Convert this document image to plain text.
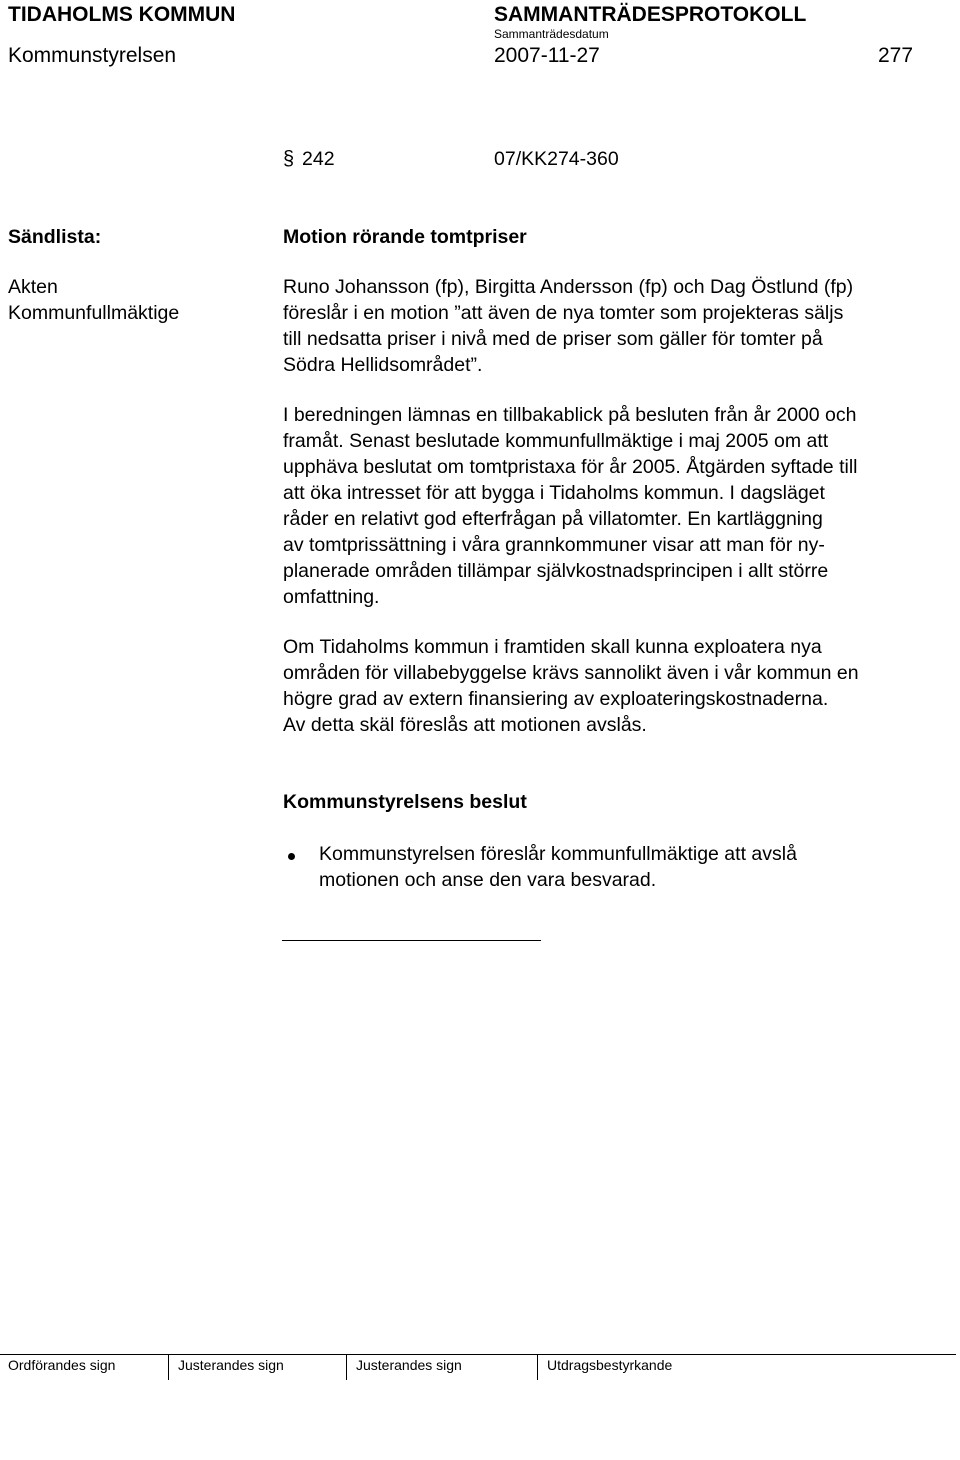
TIDAHOLMS KOMMUN	SAMMANTRÄDESPROTOKOLL
Sammanträdesdatum
Kommunstyrelsen	2007-11-27	277
§ 242	07/KK274-360
Sändlista:	Motion rörande tomtpriser
Akten
Kommunfullmäktige
Runo Johansson (fp), Birgitta Andersson (fp) och Dag Östlund (fp)
föreslår i en motion ”att även de nya tomter som projekteras säljs
till nedsatta priser i nivå med de priser som gäller för tomter på
Södra Hellidsområdet”.
I beredningen lämnas en tillbakablick på besluten från år 2000 och
framåt. Senast beslutade kommunfullmäktige i maj 2005 om att
upphäva beslutat om tomtpristaxa för år 2005. Åtgärden syftade till
att öka intresset för att bygga i Tidaholms kommun. I dagsläget
råder en relativt god efterfrågan på villatomter. En kartläggning
av tomtprissättning i våra grannkommuner visar att man för ny-
planerade områden tillämpar självkostnadsprincipen i allt större
omfattning.
Om Tidaholms kommun i framtiden skall kunna exploatera nya
områden för villabebyggelse krävs sannolikt även i vår kommun en
högre grad av extern finansiering av exploateringskostnaderna.
Av detta skäl föreslås att motionen avslås.
Kommunstyrelsens beslut
Kommunstyrelsen föreslår kommunfullmäktige att avslå
motionen och anse den vara besvarad.
Ordförandes sign	Justerandes sign	Justerandes sign	Utdragsbestyrkande
